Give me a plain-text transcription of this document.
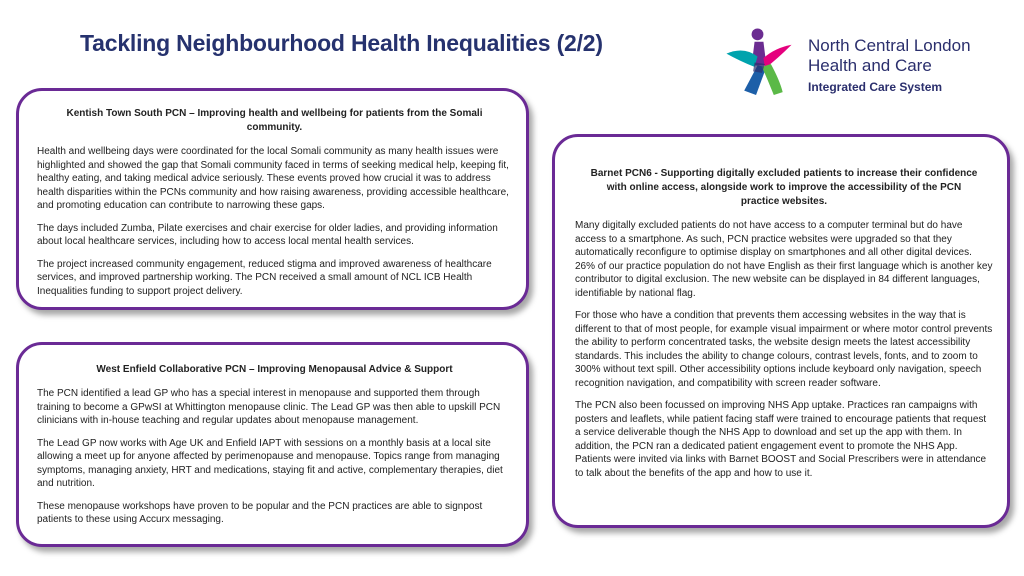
Tackling Neighbourhood Health Inequalities (2/2)	North Central London
Health and Care
Integrated Care System
Kentish Town South PCN – Improving health and wellbeing for patients from the Somali community.

Health and wellbeing days were coordinated for the local Somali community as many health issues were highlighted and showed the gap that Somali community faced in terms of seeking medical help, keeping fit, healthy eating, and taking medical advice seriously. These events proved how crucial it was to address health disparities within the PCNs community and how raising awareness, providing accessible healthcare, and promoting education can contribute to narrowing these gaps.

The days included Zumba, Pilate exercises and chair exercise for older ladies, and providing information about local healthcare services, including how to access local mental health services.

The project increased community engagement, reduced stigma and improved awareness of healthcare services, and improved partnership working. The PCN received a small amount of NCL ICB Health Inequalities funding to support project delivery.

West Enfield Collaborative PCN – Improving Menopausal Advice & Support

The PCN identified a lead GP who has a special interest in menopause and supported them through training to become a GPwSI at Whittington menopause clinic. The Lead GP was then able to upskill PCN clinicians with in-house teaching and regular updates about menopause management.

The Lead GP now works with Age UK and Enfield IAPT with sessions on a monthly basis at a local site allowing a meet up for anyone affected by perimenopause and menopause. Topics range from managing symptoms, managing anxiety, HRT and medications, staying fit and active, complementary therapies, diet and nutrition.

These menopause workshops have proven to be popular and the PCN practices are able to signpost patients to these using Accurx messaging.

Barnet PCN6 - Supporting digitally excluded patients to increase their confidence with online access, alongside work to improve the accessibility of the PCN practice websites.

Many digitally excluded patients do not have access to a computer terminal but do have access to a smartphone. As such, PCN practice websites were upgraded so that they automatically reconfigure to optimise display on smartphones and all other digital devices. 26% of our practice population do not have English as their first language which is another key contributor to digital exclusion. The new website can be displayed in 84 different languages, identifiable by national flag.

For those who have a condition that prevents them accessing websites in the way that is different to that of most people, for example visual impairment or where motor control prevents the ability to perform concentrated tasks, the website design meets the latest accessibility standards. This includes the ability to change colours, contrast levels, fonts, and to zoom to 300% without text spill. Other accessibility options include keyboard only navigation, speech recognition navigation, and compatibility with screen reader software.

The PCN also been focussed on improving NHS App uptake. Practices ran campaigns with posters and leaflets, while patient facing staff were trained to encourage patients that request a service deliverable though the NHS App to download and set up the app with them. In addition, the PCN ran a dedicated patient engagement event to promote the NHS App. Patients were invited via links with Barnet BOOST and Social Prescribers were in attendance to talk about the benefits of the app and how to use it.
